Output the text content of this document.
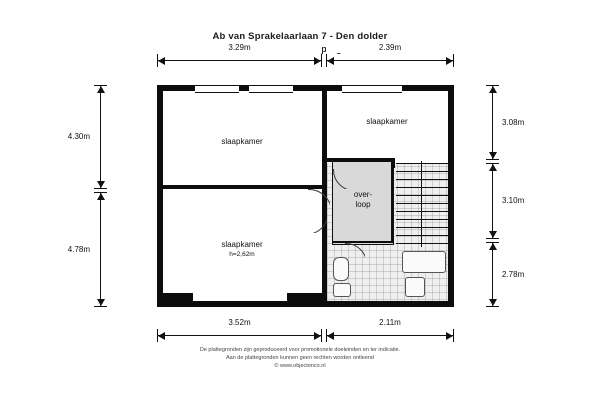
Ab van Sprakelaarlaan 7 - Den dolder
3.29m	2.39m
3.52m	2.11m
4.30m
4.78m
3.08m
3.10m
2.78m
slaapkamer
slaapkamer
slaapkamer
h=2,62m
over-
loop
De plattegronden zijn geproduceerd voor promotionele doeleinden en ter indicatie.
Aan de plattegronden kunnen geen rechten worden ontleend
© www.objectenco.nl
